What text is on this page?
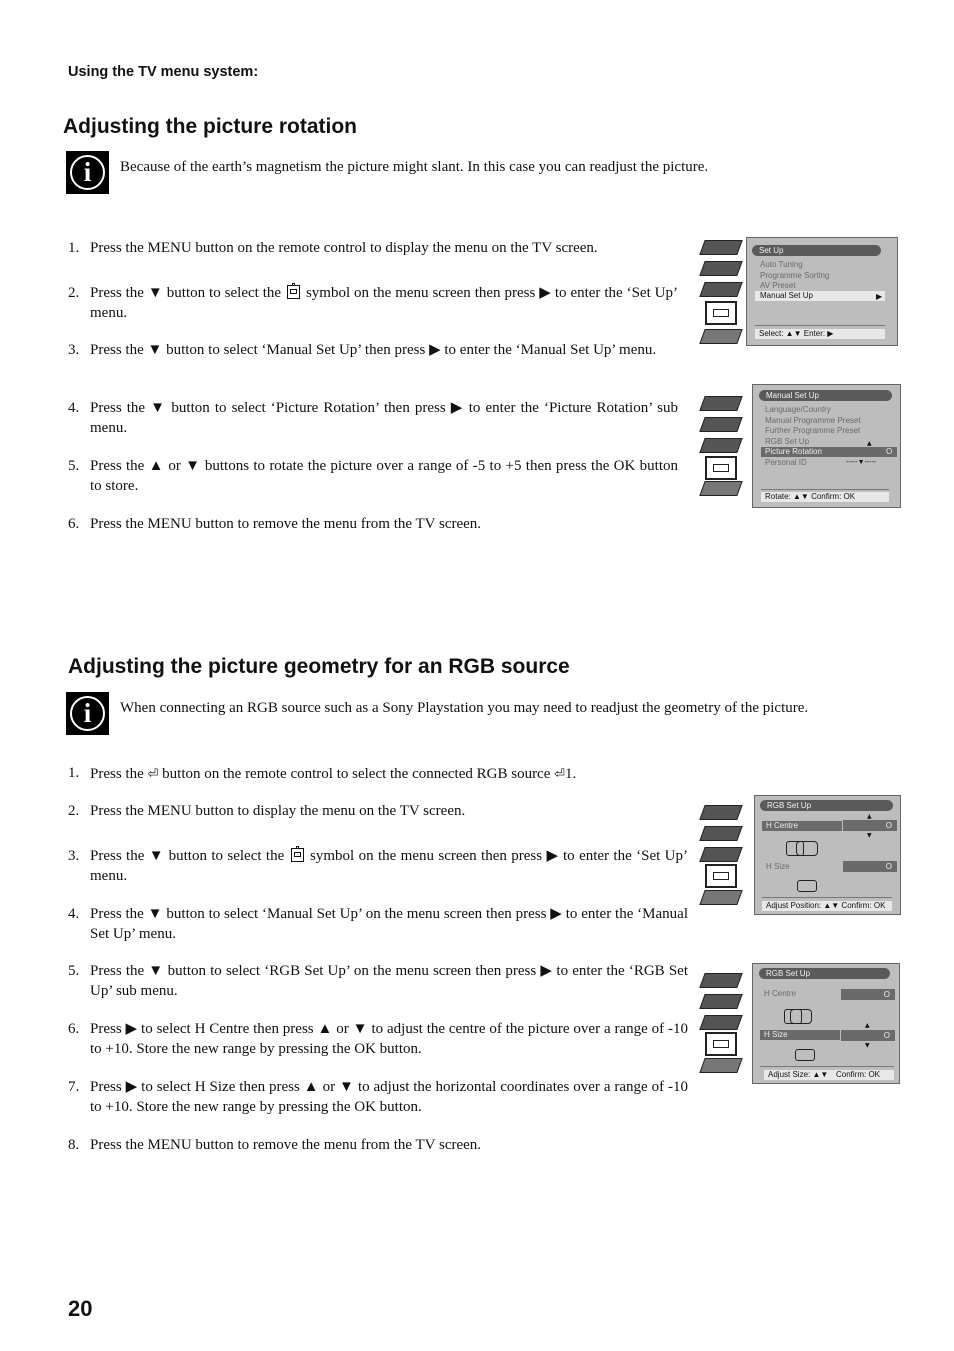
Using the TV menu system:
Adjusting the picture rotation
i	Because of the earth’s magnetism the picture might slant. In this case you can readjust the picture.
1. Press the MENU button on the remote control to display the menu on the TV screen.
2. Press the ▼ button to select the symbol on the menu screen then press ▶ to enter the ‘Set Up’ menu.
3. Press the ▼ button to select ‘Manual Set Up’ then press ▶ to enter the ‘Manual Set Up’ menu.
4. Press the ▼ button to select ‘Picture Rotation’ then press ▶ to enter the ‘Picture Rotation’ sub menu.
5. Press the ▲ or ▼ buttons to rotate the picture over a range of -5 to +5 then press the OK button to store.
6. Press the MENU button to remove the menu from the TV screen.
Set Up
Auto Tuning
Programme Sorting
AV Preset
Manual Set Up	▶
Select: ▲▼ Enter: ▶
Manual Set Up
Language/Country
Manual Programme Preset
Further Programme Preset
RGB Set Up	▲
Picture Rotation	O
Personal ID	-----▼-----
Rotate: ▲▼ Confirm: OK
Adjusting the picture geometry for an RGB source
i	When connecting an RGB source such as a Sony Playstation you may need to readjust the geometry of the picture.
1. Press the ⏎ button on the remote control to select the connected RGB source ⏎1.
2. Press the MENU button to display the menu on the TV screen.
3. Press the ▼ button to select the symbol on the menu screen then press ▶ to enter the ‘Set Up’ menu.
4. Press the ▼ button to select ‘Manual Set Up’ on the menu screen then press ▶ to enter the ‘Manual Set Up’ menu.
5. Press the ▼ button to select ‘RGB Set Up’ on the menu screen then press ▶ to enter the ‘RGB Set Up’ sub menu.
6. Press ▶ to select H Centre then press ▲ or ▼ to adjust the centre of the picture over a range of -10 to +10. Store the new range by pressing the OK button.
7. Press ▶ to select H Size then press ▲ or ▼ to adjust the horizontal coordinates over a range of -10 to +10. Store the new range by pressing the OK button.
8. Press the MENU button to remove the menu from the TV screen.
RGB Set Up
▲
H Centre	O
▼
H Size	O
Adjust Position: ▲▼ Confirm: OK
RGB Set Up
H Centre	O
▲
H Size	O
▼
Adjust Size: ▲▼ Confirm: OK
20
